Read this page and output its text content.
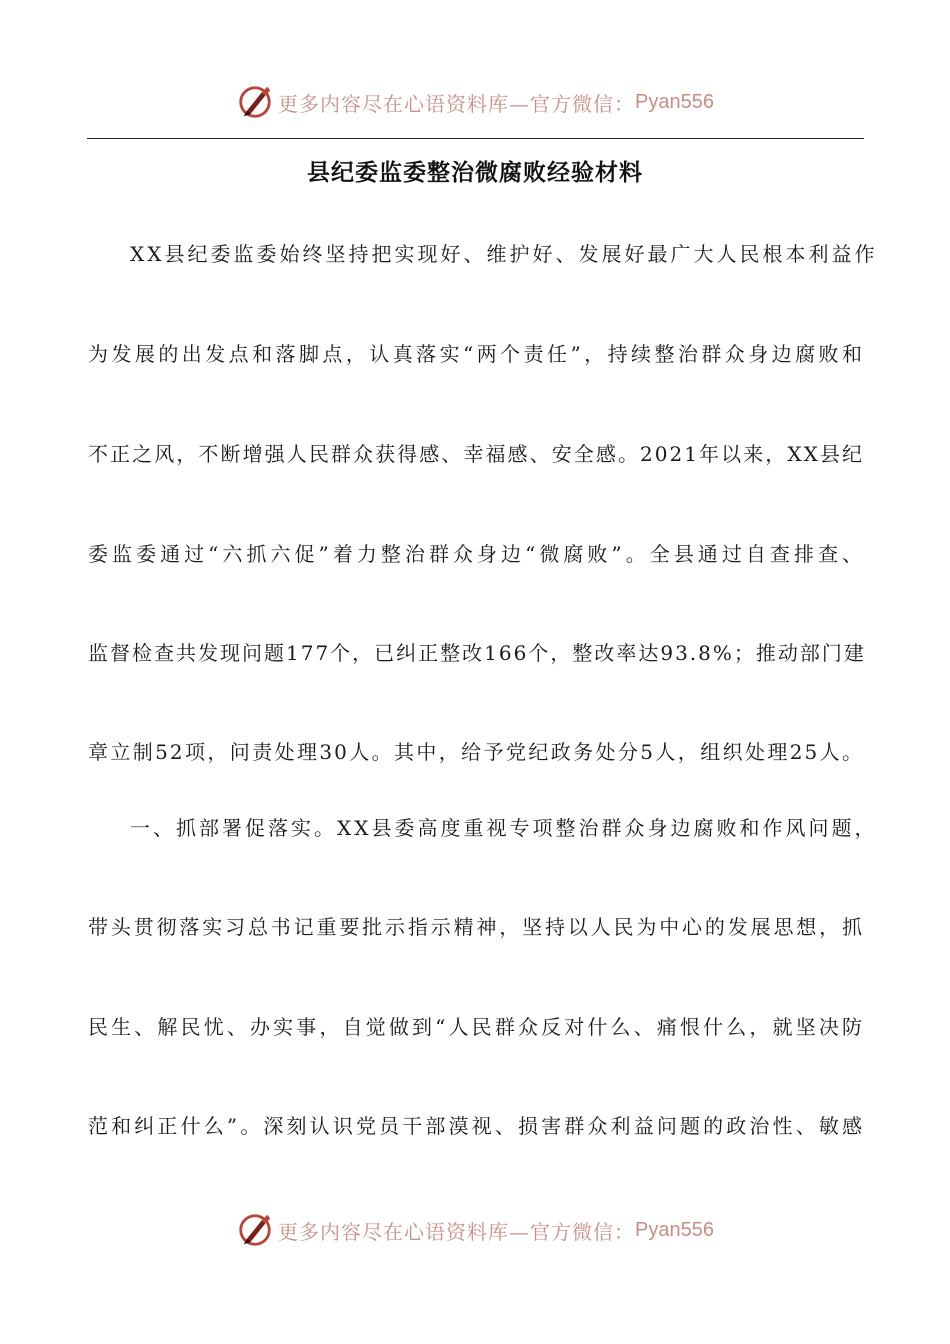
更多内容尽在心语资料库—官方微信： Pyan556
县纪委监委整治微腐败经验材料
XX县纪委监委始终坚持把实现好、维护好、发展好最广大人民根本利益作
为发展的出发点和落脚点，认真落实“两个责任”，持续整治群众身边腐败和
不正之风，不断增强人民群众获得感、幸福感、安全感。2021年以来，XX县纪
委监委通过“六抓六促”着力整治群众身边“微腐败”。全县通过自查排查、
监督检查共发现问题177个，已纠正整改166个，整改率达93.8%；推动部门建
章立制52项，问责处理30人。其中，给予党纪政务处分5人，组织处理25人。
一、抓部署促落实。XX县委高度重视专项整治群众身边腐败和作风问题，
带头贯彻落实习总书记重要批示指示精神，坚持以人民为中心的发展思想，抓
民生、解民忧、办实事，自觉做到“人民群众反对什么、痛恨什么，就坚决防
范和纠正什么”。深刻认识党员干部漠视、损害群众利益问题的政治性、敏感
更多内容尽在心语资料库—官方微信： Pyan556
